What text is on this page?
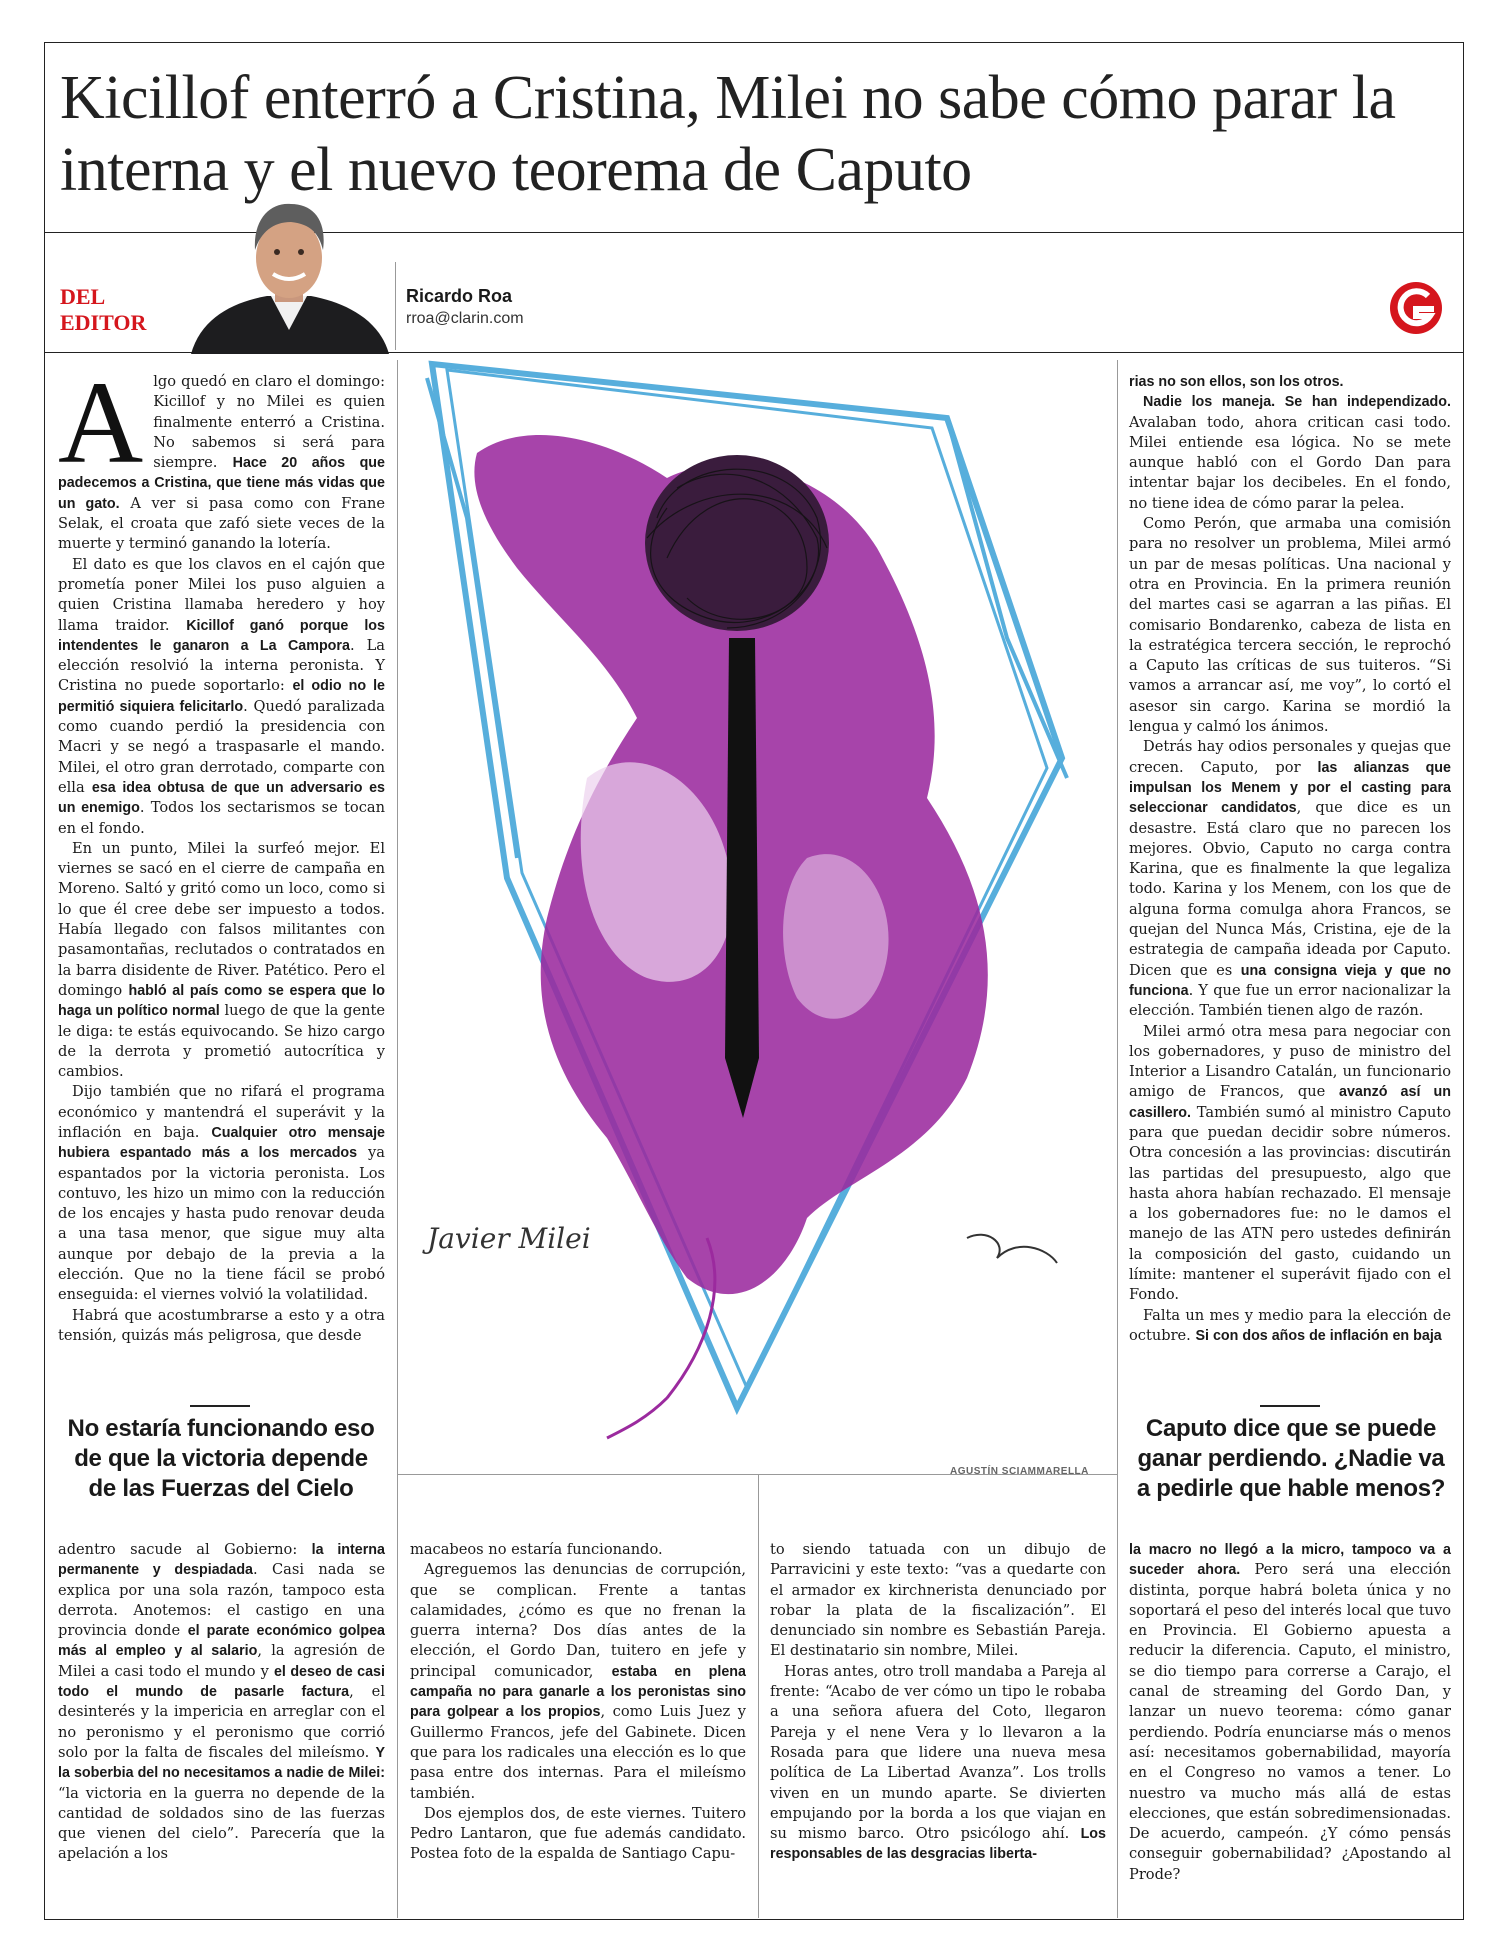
Kicillof enterró a Cristina, Milei no sabe cómo parar la interna y el nuevo teorema de Caputo
DEL
EDITOR
Ricardo Roa
rroa@clarin.com
Javier Milei
AGUSTÍN SCIAMMARELLA

Algo quedó en claro el domingo: Kicillof y no Milei es quien finalmente enterró a Cristina. No sabemos si será para siempre. Hace 20 años que padecemos a Cristina, que tiene más vidas que un gato. A ver si pasa como con Frane Selak, el croata que zafó siete veces de la muerte y terminó ganando la lotería.

El dato es que los clavos en el cajón que prometía poner Milei los puso alguien a quien Cristina llamaba heredero y hoy llama traidor. Kicillof ganó porque los intendentes le ganaron a La Campora. La elección resolvió la interna peronista. Y Cristina no puede soportarlo: el odio no le permitió siquiera felicitarlo. Quedó paralizada como cuando perdió la presidencia con Macri y se negó a traspasarle el mando. Milei, el otro gran derrotado, comparte con ella esa idea obtusa de que un adversario es un enemigo. Todos los sectarismos se tocan en el fondo.

En un punto, Milei la surfeó mejor. El viernes se sacó en el cierre de campaña en Moreno. Saltó y gritó como un loco, como si lo que él cree debe ser impuesto a todos. Había llegado con falsos militantes con pasamontañas, reclutados o contratados en la barra disidente de River. Patético. Pero el domingo habló al país como se espera que lo haga un político normal luego de que la gente le diga: te estás equivocando. Se hizo cargo de la derrota y prometió autocrítica y cambios.

Dijo también que no rifará el programa económico y mantendrá el superávit y la inflación en baja. Cualquier otro mensaje hubiera espantado más a los mercados ya espantados por la victoria peronista. Los contuvo, les hizo un mimo con la reducción de los encajes y hasta pudo renovar deuda a una tasa menor, que sigue muy alta aunque por debajo de la previa a la elección. Que no la tiene fácil se probó enseguida: el viernes volvió la volatilidad.

Habrá que acostumbrarse a esto y a otra tensión, quizás más peligrosa, que desde

No estaría funcionando eso de que la victoria depende de las Fuerzas del Cielo

adentro sacude al Gobierno: la interna permanente y despiadada. Casi nada se explica por una sola razón, tampoco esta derrota. Anotemos: el castigo en una provincia donde el parate económico golpea más al empleo y al salario, la agresión de Milei a casi todo el mundo y el deseo de casi todo el mundo de pasarle factura, el desinterés y la impericia en arreglar con el no peronismo y el peronismo que corrió solo por la falta de fiscales del mileísmo. Y la soberbia del no necesitamos a nadie de Milei: “la victoria en la guerra no depende de la cantidad de soldados sino de las fuerzas que vienen del cielo”. Parecería que la apelación a los

macabeos no estaría funcionando.

Agreguemos las denuncias de corrupción, que se complican. Frente a tantas calamidades, ¿cómo es que no frenan la guerra interna? Dos días antes de la elección, el Gordo Dan, tuitero en jefe y principal comunicador, estaba en plena campaña no para ganarle a los peronistas sino para golpear a los propios, como Luis Juez y Guillermo Francos, jefe del Gabinete. Dicen que para los radicales una elección es lo que pasa entre dos internas. Para el mileísmo también.

Dos ejemplos dos, de este viernes. Tuitero Pedro Lantaron, que fue además candidato. Postea foto de la espalda de Santiago Capu-

to siendo tatuada con un dibujo de Parravicini y este texto: “vas a quedarte con el armador ex kirchnerista denunciado por robar la plata de la fiscalización”. El denunciado sin nombre es Sebastián Pareja. El destinatario sin nombre, Milei.

Horas antes, otro troll mandaba a Pareja al frente: “Acabo de ver cómo un tipo le robaba a una señora afuera del Coto, llegaron Pareja y el nene Vera y lo llevaron a la Rosada para que lidere una nueva mesa política de La Libertad Avanza”. Los trolls viven en un mundo aparte. Se divierten empujando por la borda a los que viajan en su mismo barco. Otro psicólogo ahí. Los responsables de las desgracias liberta-

rias no son ellos, son los otros.

Nadie los maneja. Se han independizado. Avalaban todo, ahora critican casi todo. Milei entiende esa lógica. No se mete aunque habló con el Gordo Dan para intentar bajar los decibeles. En el fondo, no tiene idea de cómo parar la pelea.

Como Perón, que armaba una comisión para no resolver un problema, Milei armó un par de mesas políticas. Una nacional y otra en Provincia. En la primera reunión del martes casi se agarran a las piñas. El comisario Bondarenko, cabeza de lista en la estratégica tercera sección, le reprochó a Caputo las críticas de sus tuiteros. “Si vamos a arrancar así, me voy”, lo cortó el asesor sin cargo. Karina se mordió la lengua y calmó los ánimos.

Detrás hay odios personales y quejas que crecen. Caputo, por las alianzas que impulsan los Menem y por el casting para seleccionar candidatos, que dice es un desastre. Está claro que no parecen los mejores. Obvio, Caputo no carga contra Karina, que es finalmente la que legaliza todo. Karina y los Menem, con los que de alguna forma comulga ahora Francos, se quejan del Nunca Más, Cristina, eje de la estrategia de campaña ideada por Caputo. Dicen que es una consigna vieja y que no funciona. Y que fue un error nacionalizar la elección. También tienen algo de razón.

Milei armó otra mesa para negociar con los gobernadores, y puso de ministro del Interior a Lisandro Catalán, un funcionario amigo de Francos, que avanzó así un casillero. También sumó al ministro Caputo para que puedan decidir sobre números. Otra concesión a las provincias: discutirán las partidas del presupuesto, algo que hasta ahora habían rechazado. El mensaje a los gobernadores fue: no le damos el manejo de las ATN pero ustedes definirán la composición del gasto, cuidando un límite: mantener el superávit fijado con el Fondo.

Falta un mes y medio para la elección de octubre. Si con dos años de inflación en baja

Caputo dice que se puede ganar perdiendo. ¿Nadie va a pedirle que hable menos?

la macro no llegó a la micro, tampoco va a suceder ahora. Pero será una elección distinta, porque habrá boleta única y no soportará el peso del interés local que tuvo en Provincia. El Gobierno apuesta a reducir la diferencia. Caputo, el ministro, se dio tiempo para correrse a Carajo, el canal de streaming del Gordo Dan, y lanzar un nuevo teorema: cómo ganar perdiendo. Podría enunciarse más o menos así: necesitamos gobernabilidad, mayoría en el Congreso no vamos a tener. Lo nuestro va mucho más allá de estas elecciones, que están sobredimensionadas. De acuerdo, campeón. ¿Y cómo pensás conseguir gobernabilidad? ¿Apostando al Prode?
